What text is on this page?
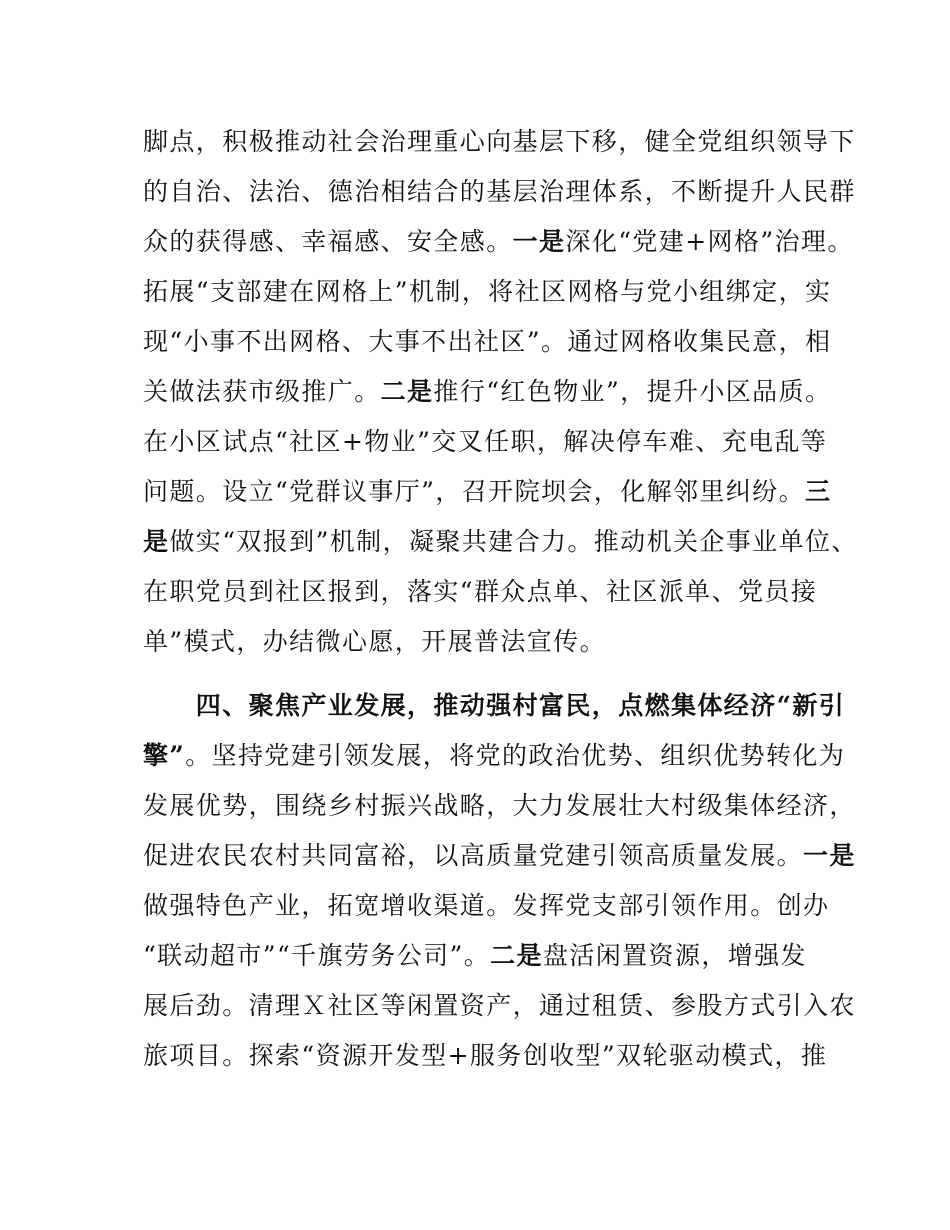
脚点，积极推动社会治理重心向基层下移，健全党组织领导下
的自治、法治、德治相结合的基层治理体系，不断提升人民群
众的获得感、幸福感、安全感。一是深化“党建+网格”治理。
拓展“支部建在网格上”机制，将社区网格与党小组绑定，实
现“小事不出网格、大事不出社区”。通过网格收集民意，相
关做法获市级推广。二是推行“红色物业”，提升小区品质。
在小区试点“社区+物业”交叉任职，解决停车难、充电乱等
问题。设立“党群议事厅”，召开院坝会，化解邻里纠纷。三
是做实“双报到”机制，凝聚共建合力。推动机关企事业单位、
在职党员到社区报到，落实“群众点单、社区派单、党员接
单”模式，办结微心愿，开展普法宣传。
　　四、聚焦产业发展，推动强村富民，点燃集体经济“新引
擎”。坚持党建引领发展，将党的政治优势、组织优势转化为
发展优势，围绕乡村振兴战略，大力发展壮大村级集体经济，
促进农民农村共同富裕，以高质量党建引领高质量发展。一是
做强特色产业，拓宽增收渠道。发挥党支部引领作用。创办
“联动超市”“千旗劳务公司”。二是盘活闲置资源，增强发
展后劲。清理Ｘ社区等闲置资产，通过租赁、参股方式引入农
旅项目。探索“资源开发型+服务创收型”双轮驱动模式，推
